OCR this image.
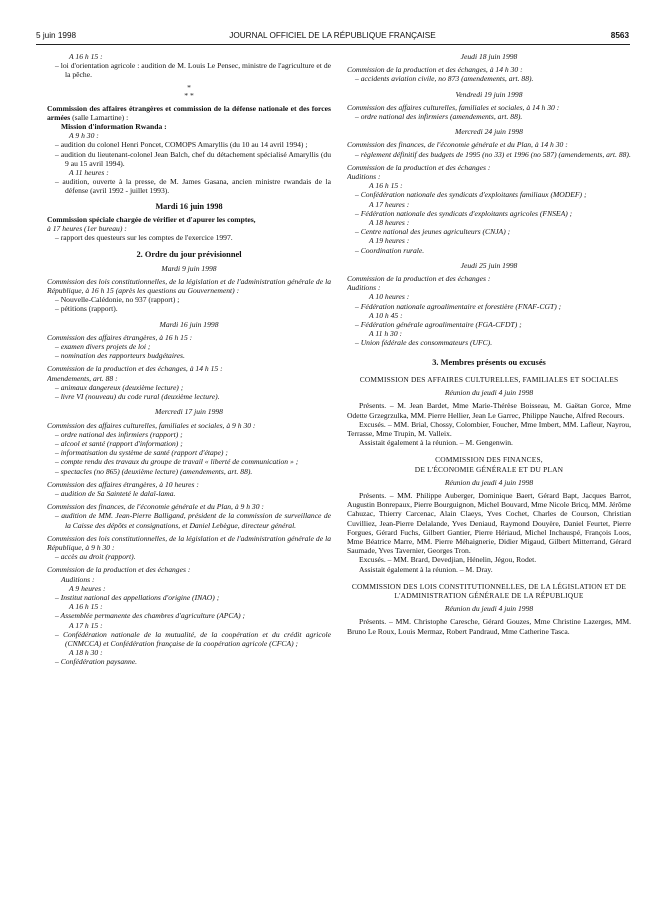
5 juin 1998	JOURNAL OFFICIEL DE LA RÉPUBLIQUE FRANÇAISE	8563

A 16 h 15 :

– loi d'orientation agricole : audition de M. Louis Le Pensec, ministre de l'agriculture et de la pêche.

*

* *

Commission des affaires étrangères et commission de la défense nationale et des forces armées (salle Lamartine) :

Mission d'information Rwanda :

A 9 h 30 :

– audition du colonel Henri Poncet, COMOPS Amaryllis (du 10 au 14 avril 1994) ;

– audition du lieutenant-colonel Jean Balch, chef du détachement spécialisé Amaryllis (du 9 au 15 avril 1994).

A 11 heures :

– audition, ouverte à la presse, de M. James Gasana, ancien ministre rwandais de la défense (avril 1992 - juillet 1993).

Mardi 16 juin 1998

Commission spéciale chargée de vérifier et d'apurer les comptes,

à 17 heures (1er bureau) :

– rapport des questeurs sur les comptes de l'exercice 1997.

2. Ordre du jour prévisionnel

Mardi 9 juin 1998

Commission des lois constitutionnelles, de la législation et de l'administration générale de la République, à 16 h 15 (après les questions au Gouvernement) :

– Nouvelle-Calédonie, no 937 (rapport) ;

– pétitions (rapport).

Mardi 16 juin 1998

Commission des affaires étrangères, à 16 h 15 :

– examen divers projets de loi ;

– nomination des rapporteurs budgétaires.

Commission de la production et des échanges, à 14 h 15 :

Amendements, art. 88 :

– animaux dangereux (deuxième lecture) ;

– livre VI (nouveau) du code rural (deuxième lecture).

Mercredi 17 juin 1998

Commission des affaires culturelles, familiales et sociales, à 9 h 30 :

– ordre national des infirmiers (rapport) ;

– alcool et santé (rapport d'information) ;

– informatisation du système de santé (rapport d'étape) ;

– compte rendu des travaux du groupe de travail « liberté de communication » ;

– spectacles (no 865) (deuxième lecture) (amendements, art. 88).

Commission des affaires étrangères, à 10 heures :

– audition de Sa Sainteté le dalaï-lama.

Commission des finances, de l'économie générale et du Plan, à 9 h 30 :

– audition de MM. Jean-Pierre Balligand, président de la commission de surveillance de la Caisse des dépôts et consignations, et Daniel Lebègue, directeur général.

Commission des lois constitutionnelles, de la législation et de l'administration générale de la République, à 9 h 30 :

– accès au droit (rapport).

Commission de la production et des échanges :

Auditions :

A 9 heures :

– Institut national des appellations d'origine (INAO) ;

A 16 h 15 :

– Assemblée permanente des chambres d'agriculture (APCA) ;

A 17 h 15 :

– Confédération nationale de la mutualité, de la coopération et du crédit agricole (CNMCCA) et Confédération française de la coopération agricole (CFCA) ;

A 18 h 30 :

– Confédération paysanne.

Jeudi 18 juin 1998

Commission de la production et des échanges, à 14 h 30 :

– accidents aviation civile, no 873 (amendements, art. 88).

Vendredi 19 juin 1998

Commission des affaires culturelles, familiales et sociales, à 14 h 30 :

– ordre national des infirmiers (amendements, art. 88).

Mercredi 24 juin 1998

Commission des finances, de l'économie générale et du Plan, à 14 h 30 :

– règlement définitif des budgets de 1995 (no 33) et 1996 (no 587) (amendements, art. 88).

Commission de la production et des échanges :

Auditions :

A 16 h 15 :

– Confédération nationale des syndicats d'exploitants familiaux (MODEF) ;

A 17 heures :

– Fédération nationale des syndicats d'exploitants agricoles (FNSEA) ;

A 18 heures :

– Centre national des jeunes agriculteurs (CNJA) ;

A 19 heures :

– Coordination rurale.

Jeudi 25 juin 1998

Commission de la production et des échanges :

Auditions :

A 10 heures :

– Fédération nationale agroalimentaire et forestière (FNAF-CGT) ;

A 10 h 45 :

– Fédération générale agroalimentaire (FGA-CFDT) ;

A 11 h 30 :

– Union fédérale des consommateurs (UFC).

3. Membres présents ou excusés

COMMISSION DES AFFAIRES CULTURELLES, FAMILIALES ET SOCIALES

Réunion du jeudi 4 juin 1998

Présents. – M. Jean Bardet, Mme Marie-Thérèse Boisseau, M. Gaëtan Gorce, Mme Odette Grzegrzulka, MM. Pierre Hellier, Jean Le Garrec, Philippe Nauche, Alfred Recours.

Excusés. – MM. Brial, Chossy, Colombier, Foucher, Mme Imbert, MM. Lafleur, Nayrou, Terrasse, Mme Trupin, M. Valleix.

Assistait également à la réunion. – M. Gengenwin.

COMMISSION DES FINANCES,

DE L'ÉCONOMIE GÉNÉRALE ET DU PLAN

Réunion du jeudi 4 juin 1998

Présents. – MM. Philippe Auberger, Dominique Baert, Gérard Bapt, Jacques Barrot, Augustin Bonrepaux, Pierre Bourguignon, Michel Bouvard, Mme Nicole Bricq, MM. Jérôme Cahuzac, Thierry Carcenac, Alain Claeys, Yves Cochet, Charles de Courson, Christian Cuvilliez, Jean-Pierre Delalande, Yves Deniaud, Raymond Douyère, Daniel Feurtet, Pierre Forgues, Gérard Fuchs, Gilbert Gantier, Pierre Hériaud, Michel Inchauspé, François Loos, Mme Béatrice Marre, MM. Pierre Méhaignerie, Didier Migaud, Gilbert Mitterrand, Gérard Saumade, Yves Tavernier, Georges Tron.

Excusés. – MM. Brard, Devedjian, Hénelin, Jégou, Rodet.

Assistait également à la réunion. – M. Dray.

COMMISSION DES LOIS CONSTITUTIONNELLES, DE LA LÉGISLATION ET DE L'ADMINISTRATION GÉNÉRALE DE LA RÉPUBLIQUE

Réunion du jeudi 4 juin 1998

Présents. – MM. Christophe Caresche, Gérard Gouzes, Mme Christine Lazerges, MM. Bruno Le Roux, Louis Mermaz, Robert Pandraud, Mme Catherine Tasca.
